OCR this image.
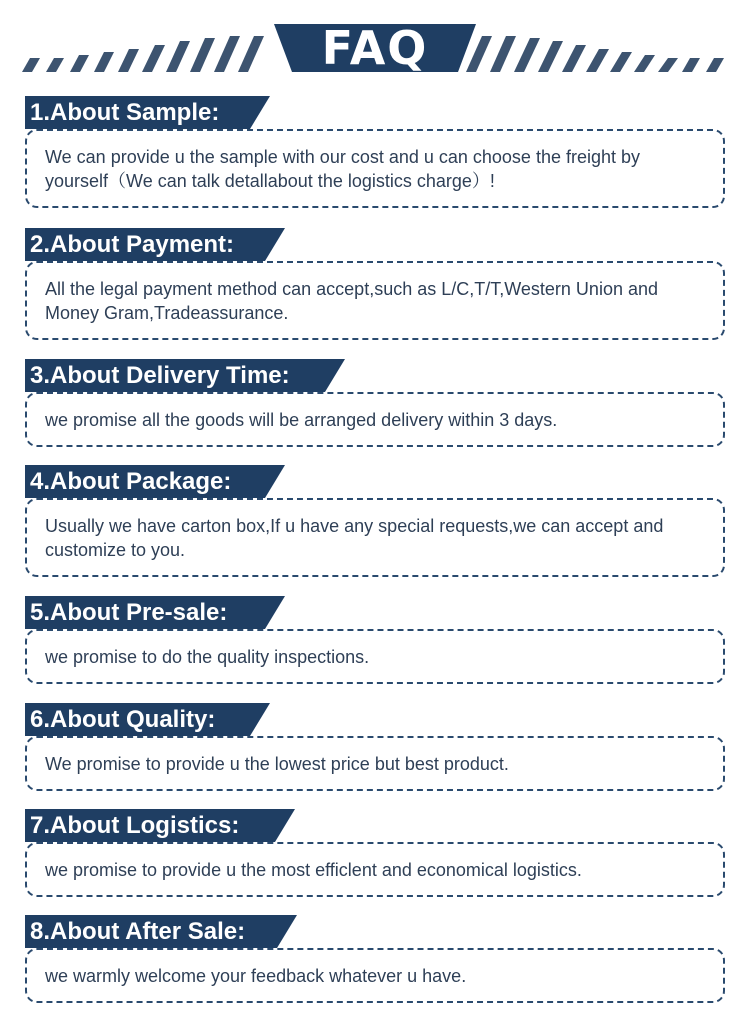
FAQ
1.About Sample:
We can provide u the sample with our cost and u can choose the freight by yourself（We can talk detallabout the logistics charge）!
2.About Payment:
All the legal payment method can accept,such as L/C,T/T,Western Union and Money Gram,Tradeassurance.
3.About Delivery Time:
we promise all the goods will be arranged delivery within 3 days.
4.About Package:
Usually we have carton box,If u have any special requests,we can accept and customize to you.
5.About Pre-sale:
we promise to do the quality inspections.
6.About Quality:
We promise to provide u the lowest price but best product.
7.About Logistics:
we promise to provide u the most efficlent and economical logistics.
8.About After Sale:
we warmly welcome your feedback whatever u have.
